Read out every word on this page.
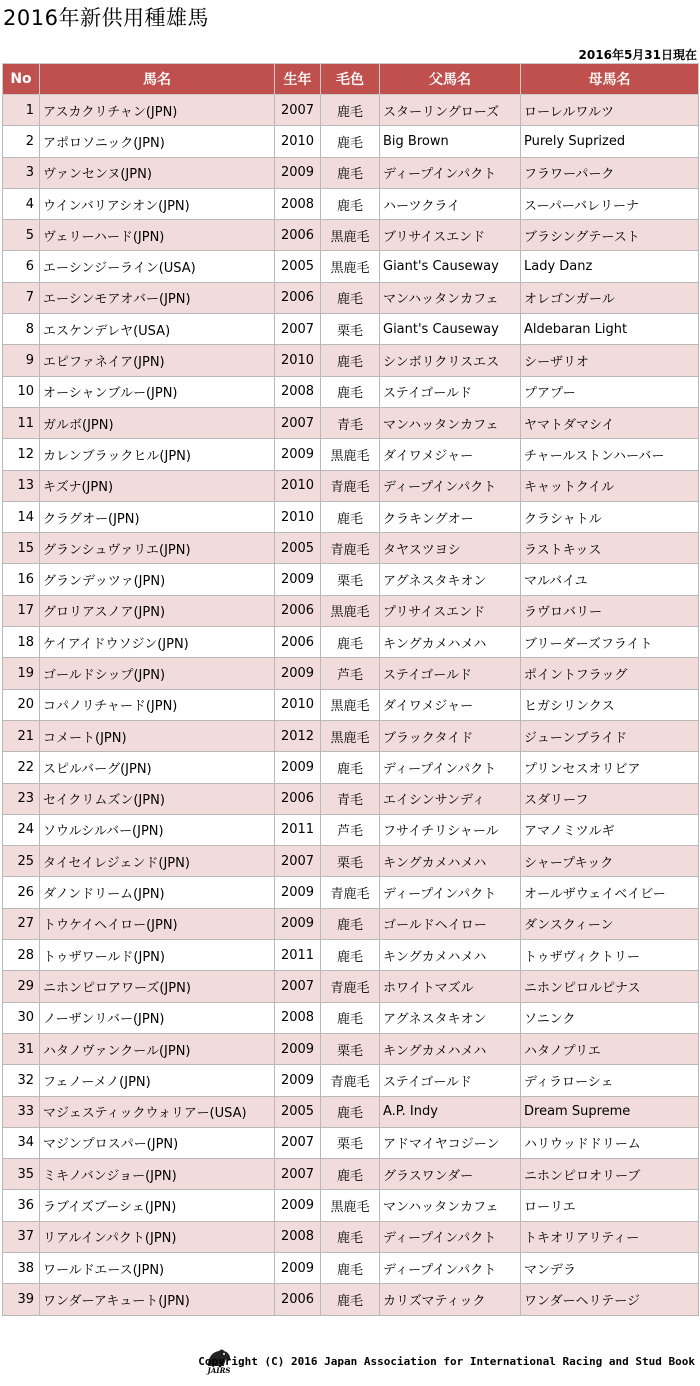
2016年新供用種雄馬
2016年5月31日現在
No	馬名	生年	毛色	父馬名	母馬名
1	アスカクリチャン(JPN)	2007	鹿毛	スターリングローズ	ローレルワルツ
2	アポロソニック(JPN)	2010	鹿毛	Big Brown	Purely Suprized
3	ヴァンセンヌ(JPN)	2009	鹿毛	ディープインパクト	フラワーパーク
4	ウインバリアシオン(JPN)	2008	鹿毛	ハーツクライ	スーパーバレリーナ
5	ヴェリーハード(JPN)	2006	黒鹿毛	ブリサイスエンド	ブラシングテースト
6	エーシンジーライン(USA)	2005	黒鹿毛	Giant's Causeway	Lady Danz
7	エーシンモアオバー(JPN)	2006	鹿毛	マンハッタンカフェ	オレゴンガール
8	エスケンデレヤ(USA)	2007	栗毛	Giant's Causeway	Aldebaran Light
9	エピファネイア(JPN)	2010	鹿毛	シンボリクリスエス	シーザリオ
10	オーシャンブルー(JPN)	2008	鹿毛	ステイゴールド	プアプー
11	ガルボ(JPN)	2007	青毛	マンハッタンカフェ	ヤマトダマシイ
12	カレンブラックヒル(JPN)	2009	黒鹿毛	ダイワメジャー	チャールストンハーバー
13	キズナ(JPN)	2010	青鹿毛	ディープインパクト	キャットクイル
14	クラグオー(JPN)	2010	鹿毛	クラキングオー	クラシャトル
15	グランシュヴァリエ(JPN)	2005	青鹿毛	タヤスツヨシ	ラストキッス
16	グランデッツァ(JPN)	2009	栗毛	アグネスタキオン	マルバイユ
17	グロリアスノア(JPN)	2006	黒鹿毛	プリサイスエンド	ラヴロバリー
18	ケイアイドウソジン(JPN)	2006	鹿毛	キングカメハメハ	ブリーダーズフライト
19	ゴールドシップ(JPN)	2009	芦毛	ステイゴールド	ポイントフラッグ
20	コパノリチャード(JPN)	2010	黒鹿毛	ダイワメジャー	ヒガシリンクス
21	コメート(JPN)	2012	黒鹿毛	ブラックタイド	ジューンブライド
22	スピルバーグ(JPN)	2009	鹿毛	ディープインパクト	プリンセスオリビア
23	セイクリムズン(JPN)	2006	青毛	エイシンサンディ	スダリーフ
24	ソウルシルバー(JPN)	2011	芦毛	フサイチリシャール	アマノミツルギ
25	タイセイレジェンド(JPN)	2007	栗毛	キングカメハメハ	シャープキック
26	ダノンドリーム(JPN)	2009	青鹿毛	ディープインパクト	オールザウェイベイビー
27	トウケイヘイロー(JPN)	2009	鹿毛	ゴールドヘイロー	ダンスクィーン
28	トゥザワールド(JPN)	2011	鹿毛	キングカメハメハ	トゥザヴィクトリー
29	ニホンピロアワーズ(JPN)	2007	青鹿毛	ホワイトマズル	ニホンピロルピナス
30	ノーザンリバー(JPN)	2008	鹿毛	アグネスタキオン	ソニンク
31	ハタノヴァンクール(JPN)	2009	栗毛	キングカメハメハ	ハタノプリエ
32	フェノーメノ(JPN)	2009	青鹿毛	ステイゴールド	ディラローシェ
33	マジェスティックウォリアー(USA)	2005	鹿毛	A.P. Indy	Dream Supreme
34	マジンプロスパー(JPN)	2007	栗毛	アドマイヤコジーン	ハリウッドドリーム
35	ミキノバンジョー(JPN)	2007	鹿毛	グラスワンダー	ニホンピロオリーブ
36	ラブイズブーシェ(JPN)	2009	黒鹿毛	マンハッタンカフェ	ローリエ
37	リアルインパクト(JPN)	2008	鹿毛	ディープインパクト	トキオリアリティー
38	ワールドエース(JPN)	2009	鹿毛	ディープインパクト	マンデラ
39	ワンダーアキュート(JPN)	2006	鹿毛	カリズマティック	ワンダーヘリテージ
JAIRS
Copyright (C) 2016 Japan Association for International Racing and Stud Book
